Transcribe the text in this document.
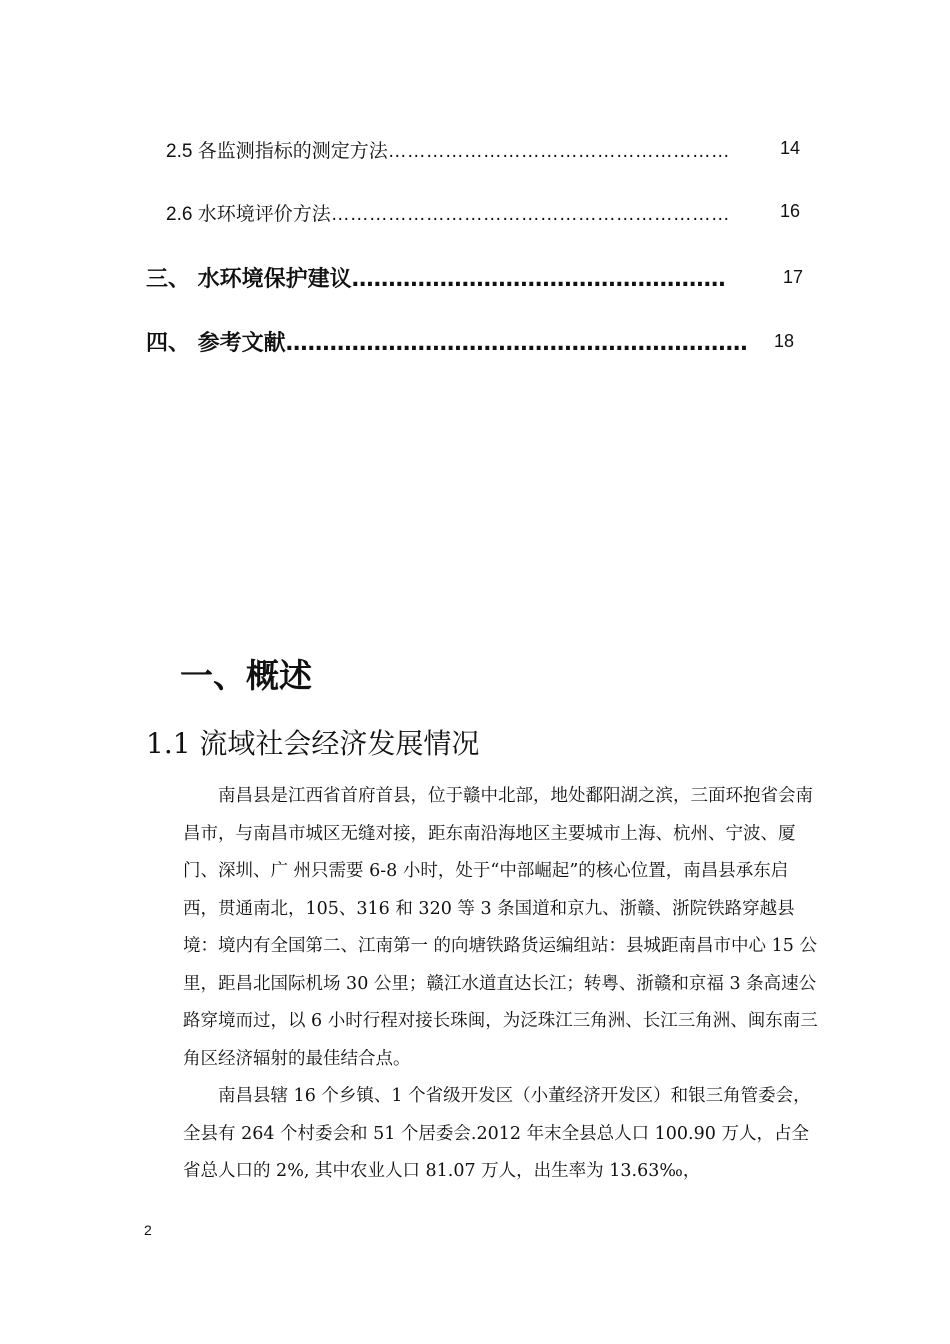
2.5 各监测指标的测定方法………………………………………………	14
2.6 水环境评价方法………………………………………………………	16
三、 水环境保护建议……………………………………………	17
四、 参考文献……………………………………………………… 18
一、概述
1.1 流域社会经济发展情况

南昌县是江西省首府首县，位于赣中北部，地处鄱阳湖之滨，三面环抱省会南昌市，与南昌市城区无缝对接，距东南沿海地区主要城市上海、杭州、宁波、厦门、深圳、广 州只需要 6-8 小时，处于“中部崛起”的核心位置，南昌县承东启西，贯通南北，105、316 和 320 等 3 条国道和京九、浙赣、浙院铁路穿越县境：境内有全国第二、江南第一 的向塘铁路货运编组站：县城距南昌市中心 15 公里，距昌北国际机场 30 公里；赣江水道直达长江；转粤、浙赣和京福 3 条高速公路穿境而过，以 6 小时行程对接长珠闽，为泛珠江三角洲、长江三角洲、闽东南三角区经济辐射的最佳结合点。

南昌县辖 16 个乡镇、1 个省级开发区（小董经济开发区）和银三角管委会，全县有 264 个村委会和 51 个居委会.2012 年末全县总人口 100.90 万人，占全省总人口的 2%, 其中农业人口 81.07 万人，出生率为 13.63‰，

2
